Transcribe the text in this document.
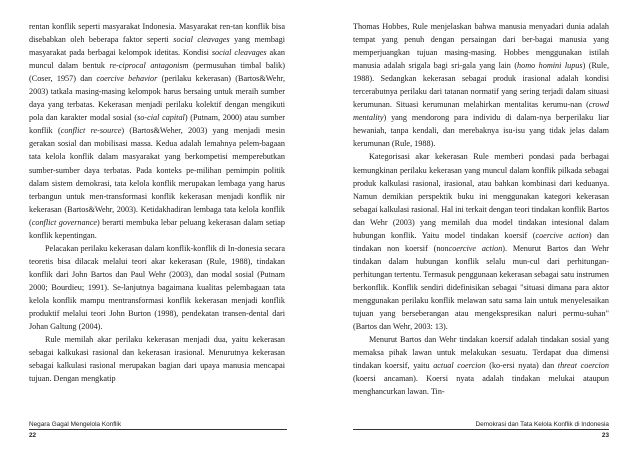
rentan konflik seperti masyarakat Indonesia. Masyarakat ren-tan konflik bisa disebabkan oleh beberapa faktor seperti social cleavages yang membagi masyarakat pada berbagai kelompok idetitas. Kondisi social cleavages akan muncul dalam bentuk re-ciprocal antagonism (permusuhan timbal balik) (Coser, 1957) dan coercive behavior (perilaku kekerasan) (Bartos&Wehr, 2003) tatkala masing-masing kelompok harus bersaing untuk meraih sumber daya yang terbatas. Kekerasan menjadi perilaku kolektif dengan mengikuti pola dan karakter modal sosial (so-cial capital) (Putnam, 2000) atau sumber konflik (conflict re-source) (Bartos&Weher, 2003) yang menjadi mesin gerakan sosial dan mobilisasi massa. Kedua adalah lemahnya pelem-bagaan tata kelola konflik dalam masyarakat yang berkompetisi memperebutkan sumber-sumber daya terbatas. Pada konteks pe-milihan pemimpin politik dalam sistem demokrasi, tata kelola konflik merupakan lembaga yang harus terbangun untuk men-transformasi konflik kekerasan menjadi konflik nir kekerasan (Bartos&Wehr, 2003). Ketidakhadiran lembaga tata kelola konflik (conflict governance) berarti membuka lebar peluang kekerasan dalam setiap konflik kepentingan.

Pelacakan perilaku kekerasan dalam konflik-konflik di In-donesia secara teoretis bisa dilacak melalui teori akar kekerasan (Rule, 1988), tindakan konflik dari John Bartos dan Paul Wehr (2003), dan modal sosial (Putnam 2000; Bourdieu; 1991). Se-lanjutnya bagaimana kualitas pelembagaan tata kelola konflik mampu mentransformasi konflik kekerasan menjadi konflik produktif melalui teori John Burton (1998), pendekatan transen-dental dari Johan Galtung (2004).

Rule memilah akar perilaku kekerasan menjadi dua, yaitu kekerasan sebagai kalkukasi rasional dan kekerasan irasional. Menurutnya kekerasan sebagai kalkulasi rasional merupakan bagian dari upaya manusia mencapai tujuan. Dengan mengkatip

Negara Gagal Mengelola Konflik
22

Thomas Hobbes, Rule menjelaskan bahwa manusia menyadari dunia adalah tempat yang penuh dengan persaingan dari ber-bagai manusia yang memperjuangkan tujuan masing-masing. Hobbes menggunakan istilah manusia adalah srigala bagi sri-gala yang lain (homo homini lupus) (Rule, 1988). Sedangkan kekerasan sebagai produk irasional adalah kondisi tercerabutnya perilaku dari tatanan normatif yang sering terjadi dalam situasi kerumunan. Situasi kerumunan melahirkan mentalitas kerumu-nan (crowd mentality) yang mendorong para individu di dalam-nya berperilaku liar hewaniah, tanpa kendali, dan merebaknya isu-isu yang tidak jelas dalam kerumunan (Rule, 1988).

Kategorisasi akar kekerasan Rule memberi pondasi pada berbagai kemungkinan perilaku kekerasan yang muncul dalam konflik pilkada sebagai produk kalkulasi rasional, irasional, atau bahkan kombinasi dari keduanya. Namun demikian perspektik buku ini menggunakan kategori kekerasan sebagai kalkulasi rasional. Hal ini terkait dengan teori tindakan konflik Bartos dan Wehr (2003) yang memilah dua model tindakan intesional dalam hubungan konflik. Yaitu model tindakan koersif (coercive action) dan tindakan non koersif (noncoercive action). Menurut Bartos dan Wehr tindakan dalam hubungan konflik selalu mun-cul dari perhitungan-perhitungan tertentu. Termasuk penggunaan kekerasan sebagai satu instrumen berkonflik. Konflik sendiri didefinisikan sebagai "situasi dimana para aktor menggunakan perilaku konflik melawan satu sama lain untuk menyelesaikan tujuan yang berseberangan atau mengekspresikan naluri permu-suhan" (Bartos dan Wehr, 2003: 13).

Menurut Bartos dan Wehr tindakan koersif adalah tindakan sosial yang memaksa pihak lawan untuk melakukan sesuatu. Terdapat dua dimensi tindakan koersif, yaitu actual coercion (ko-ersi nyata) dan threat coercion (koersi ancaman). Koersi nyata adalah tindakan melukai ataupun menghancurkan lawan. Tin-

Demokrasi dan Tata Kelola Konflik di Indonesia
23
